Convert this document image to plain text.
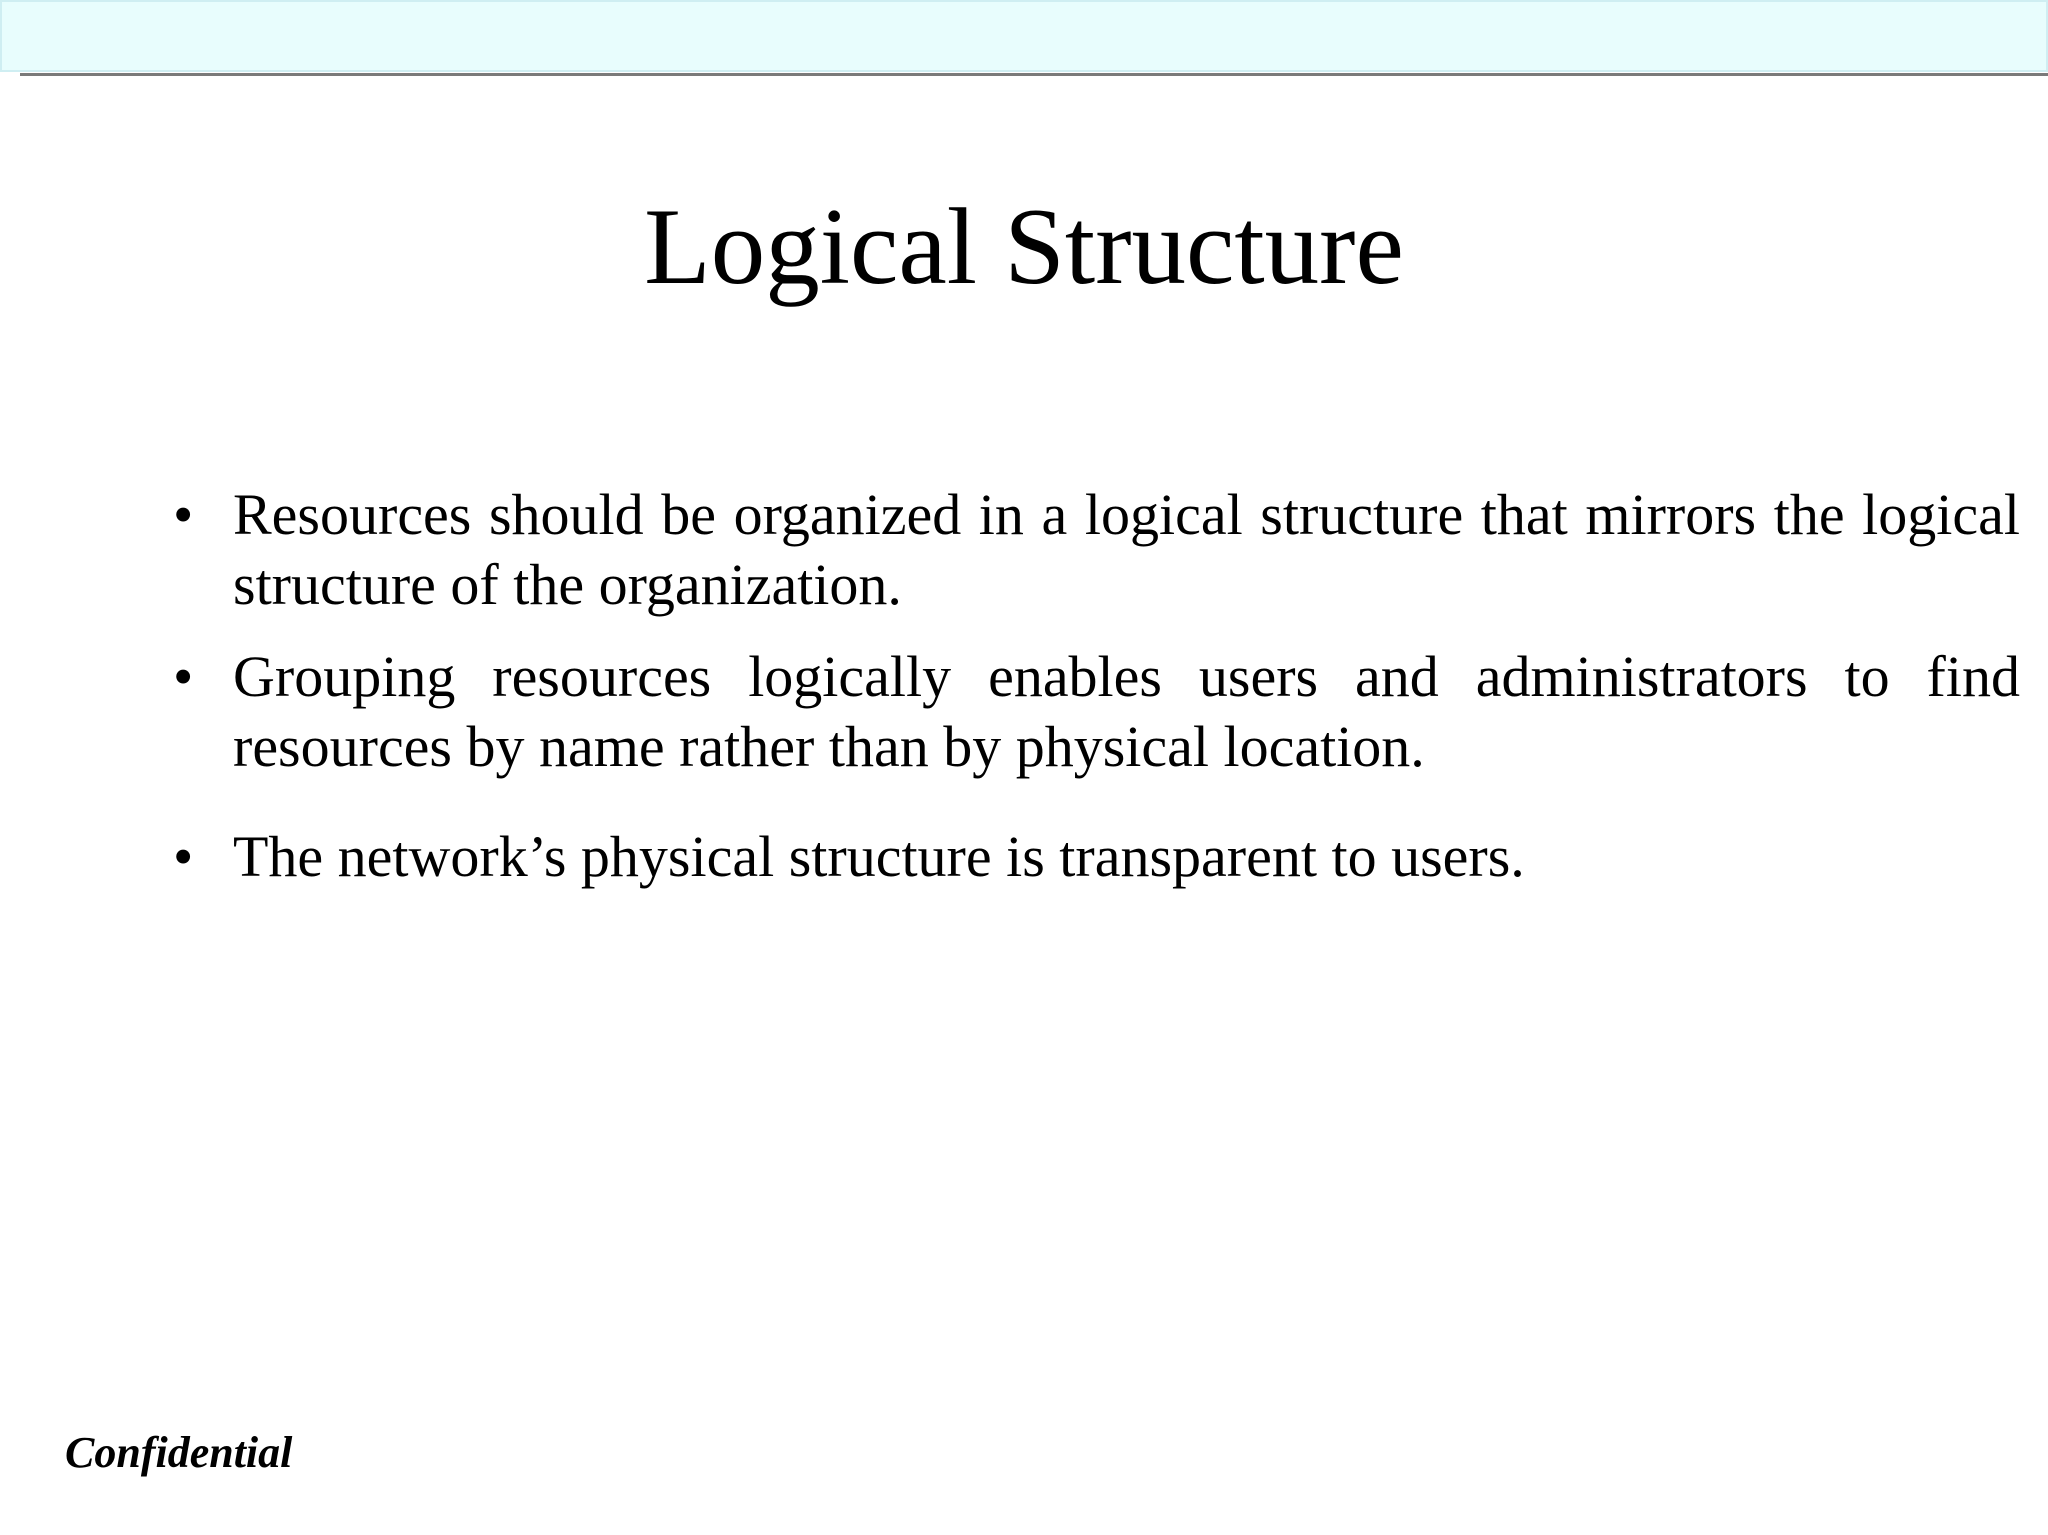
Logical Structure
• Resources should be organized in a logical structure that mirrors the logical structure of the organization.
• Grouping resources logically enables users and administrators to find resources by name rather than by physical location.
• The network’s physical structure is transparent to users.
Confidential
